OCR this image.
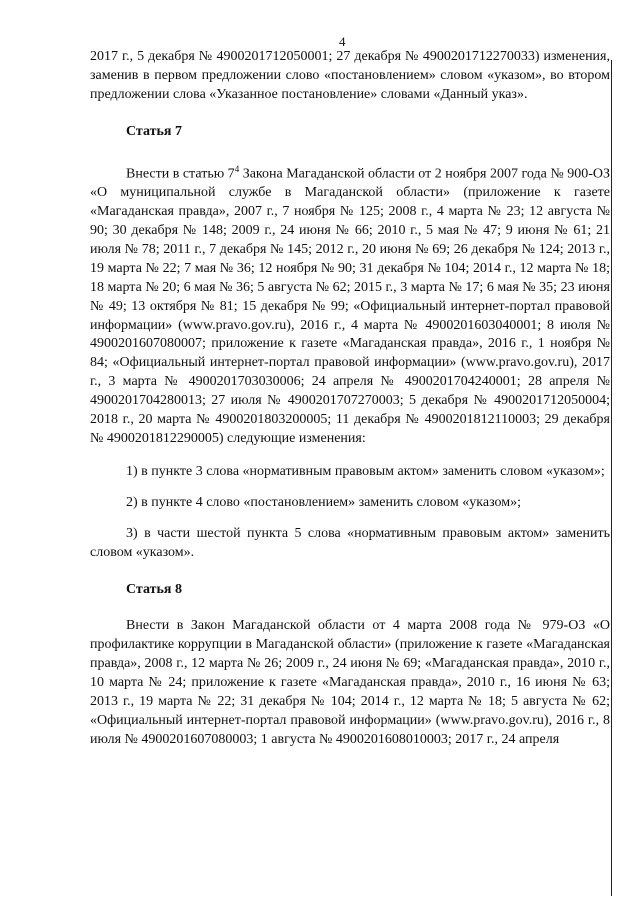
4

2017 г., 5 декабря № 4900201712050001; 27 декабря № 4900201712270033) изменения, заменив в первом предложении слово «постановлением» словом «указом», во втором предложении слова «Указанное постановление» словами «Данный указ».

Статья 7

Внести в статью $7^4$ Закона Магаданской области от 2 ноября 2007 года № 900-ОЗ «О муниципальной службе в Магаданской области» (приложение к газете «Магаданская правда», 2007 г., 7 ноября № 125; 2008 г., 4 марта № 23; 12 августа № 90; 30 декабря № 148; 2009 г., 24 июня № 66; 2010 г., 5 мая № 47; 9 июня № 61; 21 июля № 78; 2011 г., 7 декабря № 145; 2012 г., 20 июня № 69; 26 декабря № 124; 2013 г., 19 марта № 22; 7 мая № 36; 12 ноября № 90; 31 декабря № 104; 2014 г., 12 марта № 18; 18 марта № 20; 6 мая № 36; 5 августа № 62; 2015 г., 3 марта № 17; 6 мая № 35; 23 июня № 49; 13 октября № 81; 15 декабря № 99; «Официальный интернет-портал правовой информации» (www.pravo.gov.ru), 2016 г., 4 марта № 4900201603040001; 8 июля № 4900201607080007; приложение к газете «Магаданская правда», 2016 г., 1 ноября № 84; «Официальный интернет-портал правовой информации» (www.pravo.gov.ru), 2017 г., 3 марта № 4900201703030006; 24 апреля № 4900201704240001; 28 апреля № 4900201704280013; 27 июля № 4900201707270003; 5 декабря № 4900201712050004; 2018 г., 20 марта № 4900201803200005; 11 декабря № 4900201812110003; 29 декабря № 4900201812290005) следующие изменения:

1) в пункте 3 слова «нормативным правовым актом» заменить словом «указом»;

2) в пункте 4 слово «постановлением» заменить словом «указом»;

3) в части шестой пункта 5 слова «нормативным правовым актом» заменить словом «указом».

Статья 8

Внести в Закон Магаданской области от 4 марта 2008 года № 979-ОЗ «О профилактике коррупции в Магаданской области» (приложение к газете «Магаданская правда», 2008 г., 12 марта № 26; 2009 г., 24 июня № 69; «Магаданская правда», 2010 г., 10 марта № 24; приложение к газете «Магаданская правда», 2010 г., 16 июня № 63; 2013 г., 19 марта № 22; 31 декабря № 104; 2014 г., 12 марта № 18; 5 августа № 62; «Официальный интернет-портал правовой информации» (www.pravo.gov.ru), 2016 г., 8 июля № 4900201607080003; 1 августа № 4900201608010003; 2017 г., 24 апреля
